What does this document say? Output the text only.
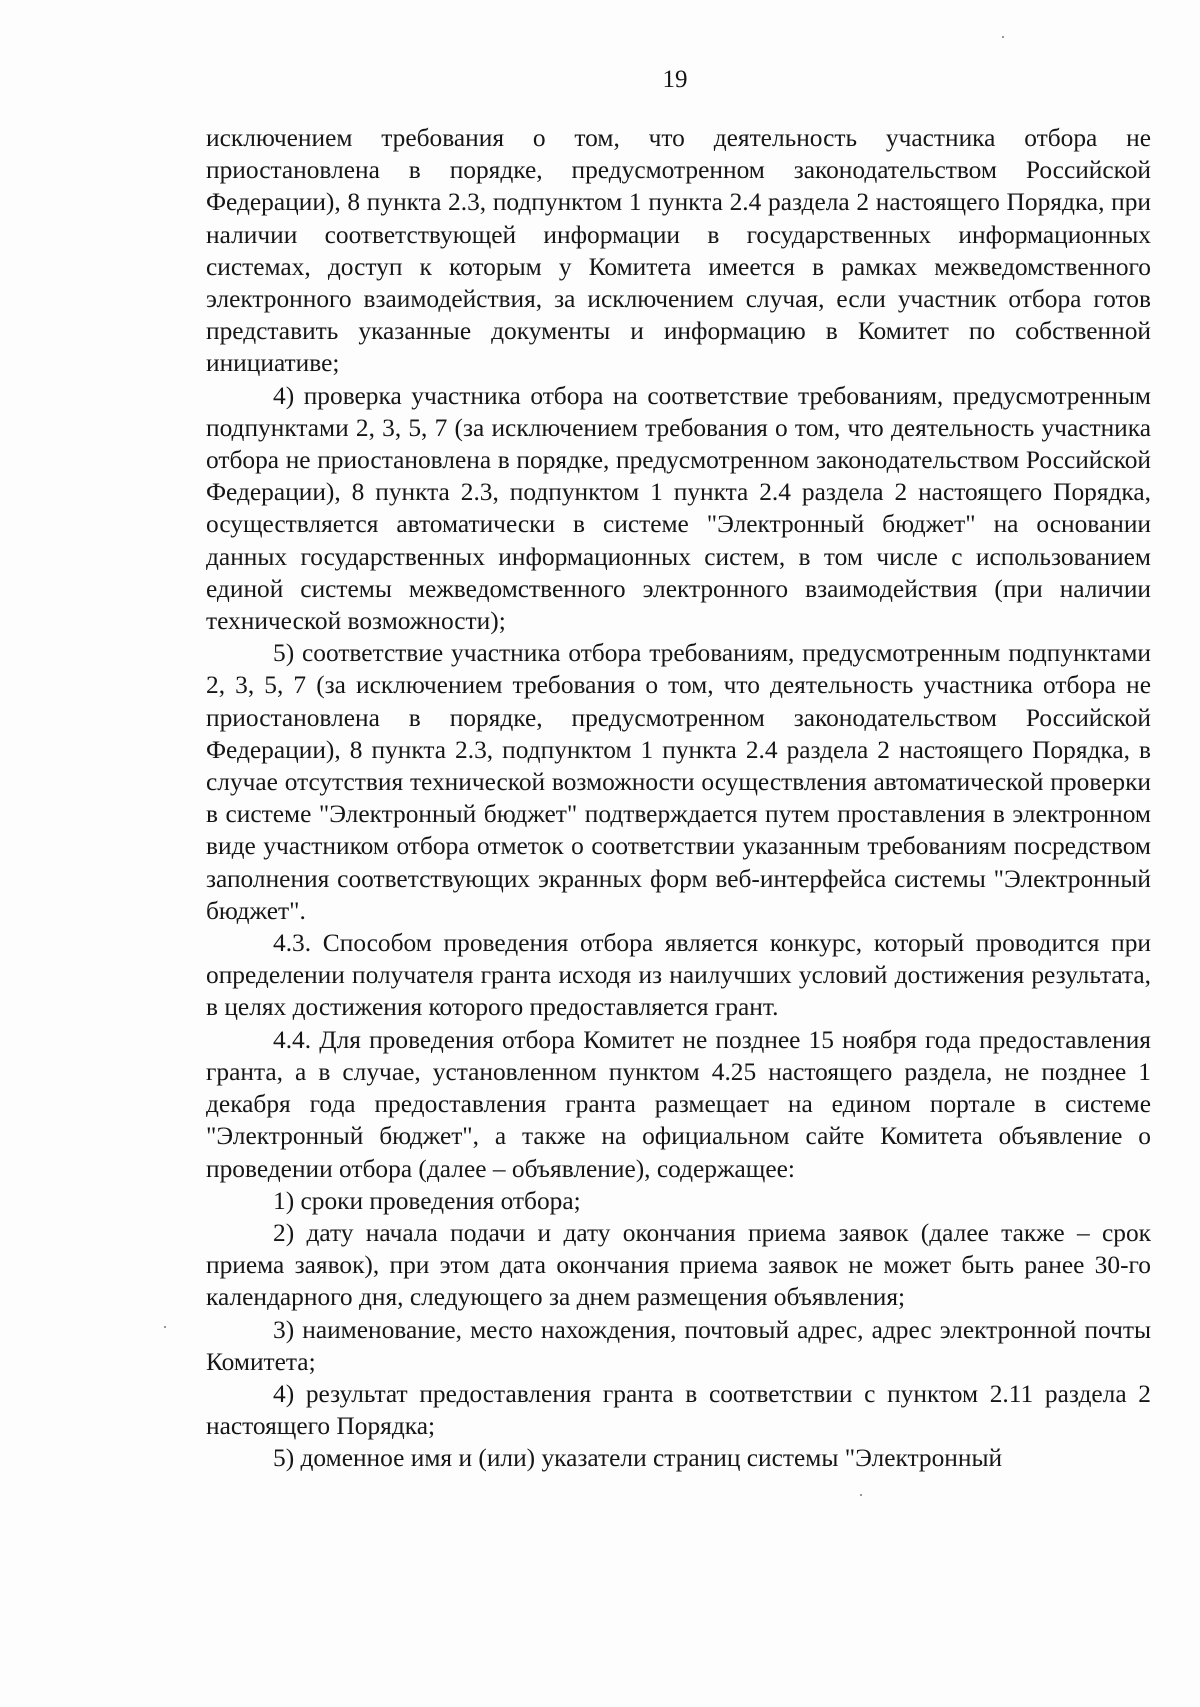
19

исключением требования о том, что деятельность участника отбора не приостановлена в порядке, предусмотренном законодательством Российской Федерации), 8 пункта 2.3, подпунктом 1 пункта 2.4 раздела 2 настоящего Порядка, при наличии соответствующей информации в государственных информационных системах, доступ к которым у Комитета имеется в рамках межведомственного электронного взаимодействия, за исключением случая, если участник отбора готов представить указанные документы и информацию в Комитет по собственной инициативе;

4) проверка участника отбора на соответствие требованиям, предусмотренным подпунктами 2, 3, 5, 7 (за исключением требования о том, что деятельность участника отбора не приостановлена в порядке, предусмотренном законодательством Российской Федерации), 8 пункта 2.3, подпунктом 1 пункта 2.4 раздела 2 настоящего Порядка, осуществляется автоматически в системе "Электронный бюджет" на основании данных государственных информационных систем, в том числе с использованием единой системы межведомственного электронного взаимодействия (при наличии технической возможности);

5) соответствие участника отбора требованиям, предусмотренным подпунктами 2, 3, 5, 7 (за исключением требования о том, что деятельность участника отбора не приостановлена в порядке, предусмотренном законодательством Российской Федерации), 8 пункта 2.3, подпунктом 1 пункта 2.4 раздела 2 настоящего Порядка, в случае отсутствия технической возможности осуществления автоматической проверки в системе "Электронный бюджет" подтверждается путем проставления в электронном виде участником отбора отметок о соответствии указанным требованиям посредством заполнения соответствующих экранных форм веб-интерфейса системы "Электронный бюджет".

4.3. Способом проведения отбора является конкурс, который проводится при определении получателя гранта исходя из наилучших условий достижения результата, в целях достижения которого предоставляется грант.

4.4. Для проведения отбора Комитет не позднее 15 ноября года предоставления гранта, а в случае, установленном пунктом 4.25 настоящего раздела, не позднее 1 декабря года предоставления гранта размещает на едином портале в системе "Электронный бюджет", а также на официальном сайте Комитета объявление о проведении отбора (далее – объявление), содержащее:

1) сроки проведения отбора;

2) дату начала подачи и дату окончания приема заявок (далее также – срок приема заявок), при этом дата окончания приема заявок не может быть ранее 30-го календарного дня, следующего за днем размещения объявления;

3) наименование, место нахождения, почтовый адрес, адрес электронной почты Комитета;

4) результат предоставления гранта в соответствии с пунктом 2.11 раздела 2 настоящего Порядка;

5) доменное имя и (или) указатели страниц системы "Электронный
